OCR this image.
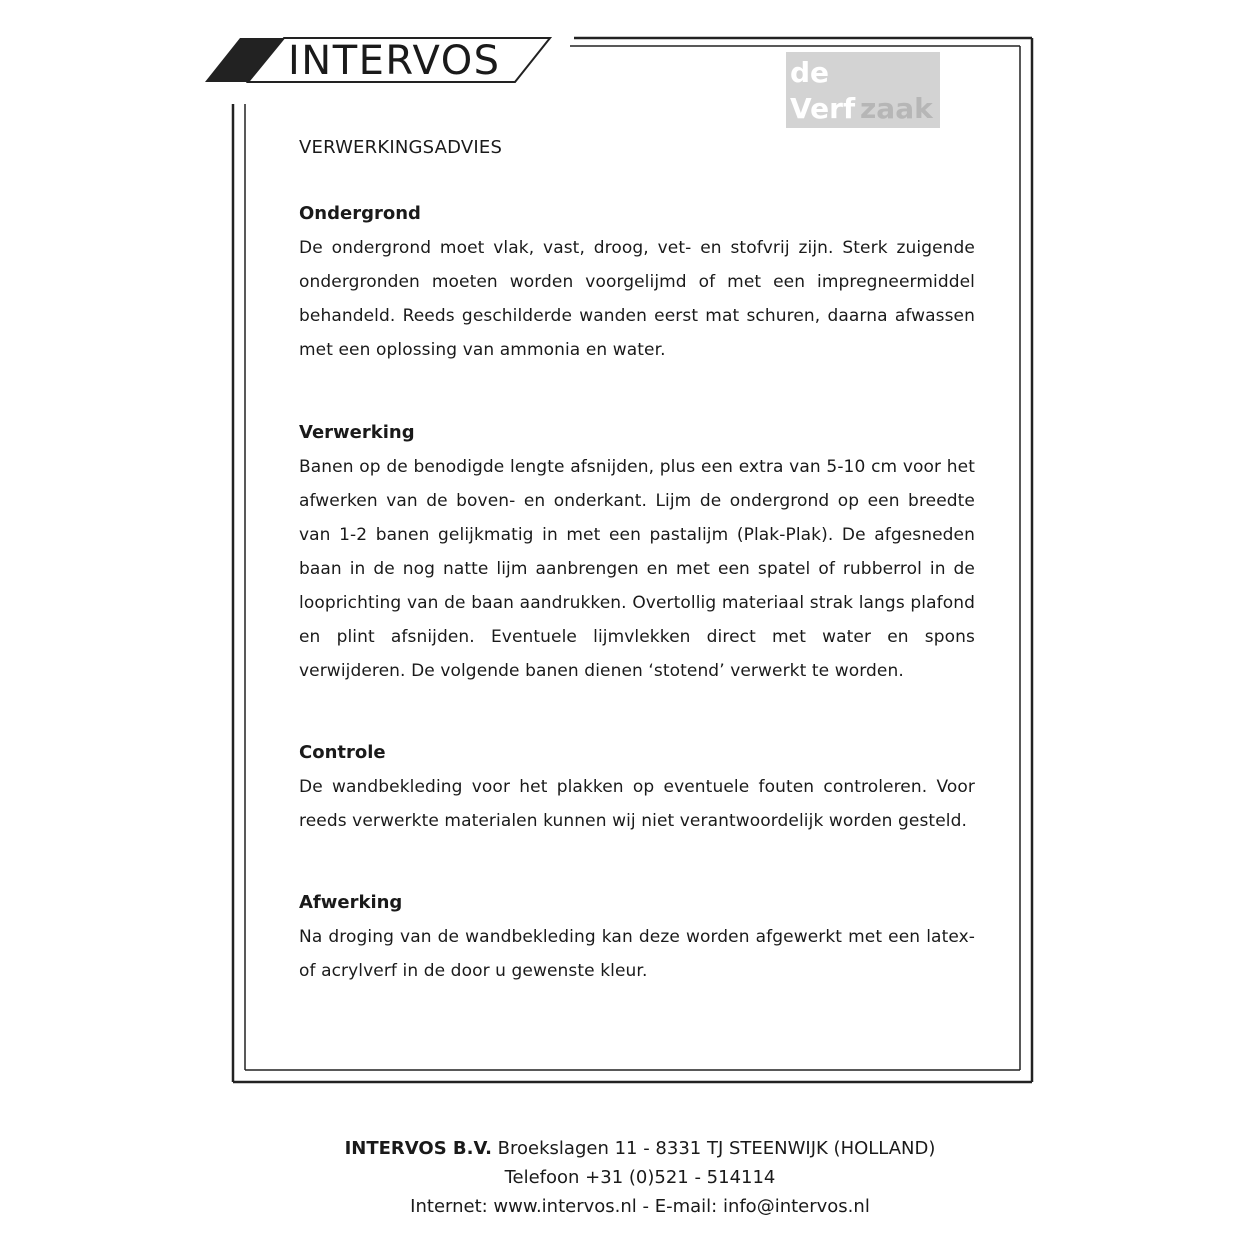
INTERVOS	de
Verf zaak
VERWERKINGSADVIES
Ondergrond

De ondergrond moet vlak, vast, droog, vet- en stofvrij zijn. Sterk zuigende ondergronden moeten worden voorgelijmd of met een impregneermiddel behandeld. Reeds geschilderde wanden eerst mat schuren, daarna afwassen met een oplossing van ammonia en water.

Verwerking

Banen op de benodigde lengte afsnijden, plus een extra van 5-10 cm voor het afwerken van de boven- en onderkant. Lijm de ondergrond op een breedte van 1-2 banen gelijkmatig in met een pastalijm (Plak-Plak). De afgesneden baan in de nog natte lijm aanbrengen en met een spatel of rubberrol in de looprichting van de baan aandrukken. Overtollig materiaal strak langs plafond en plint afsnijden. Eventuele lijmvlekken direct met water en spons verwijderen. De volgende banen dienen ‘stotend’ verwerkt te worden.

Controle

De wandbekleding voor het plakken op eventuele fouten controleren. Voor reeds verwerkte materialen kunnen wij niet verantwoordelijk worden gesteld.

Afwerking

Na droging van de wandbekleding kan deze worden afgewerkt met een latex- of acrylverf in de door u gewenste kleur.

INTERVOS B.V. Broekslagen 11 - 8331 TJ STEENWIJK (HOLLAND)
Telefoon +31 (0)521 - 514114
Internet: www.intervos.nl - E-mail: info@intervos.nl
